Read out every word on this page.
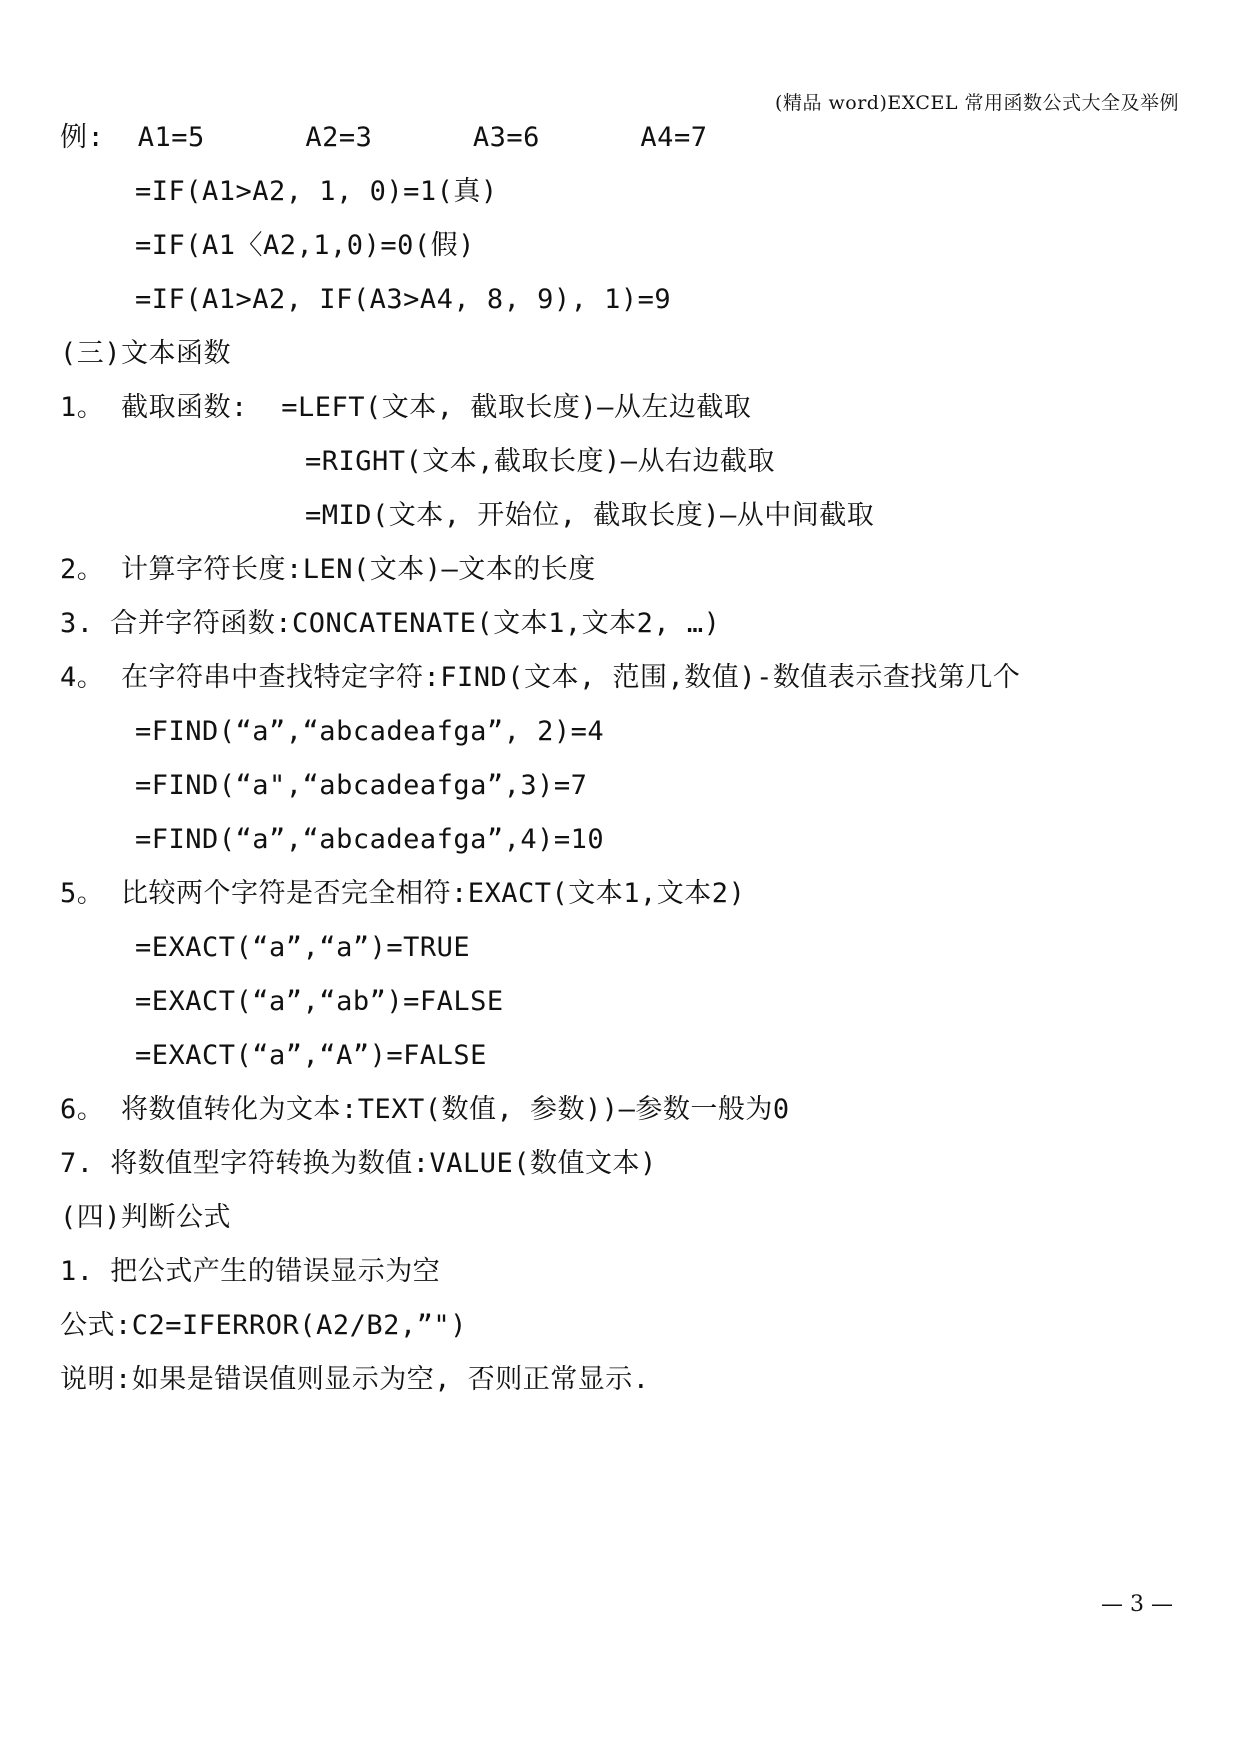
(精品 word)EXCEL 常用函数公式大全及举例
例:  A1=5      A2=3      A3=6      A4=7
=IF(A1>A2, 1, 0)=1(真)
=IF(A1〈A2,1,0)=0(假)
=IF(A1>A2, IF(A3>A4, 8, 9), 1)=9
(三)文本函数
1。 截取函数:  =LEFT(文本, 截取长度)—从左边截取
=RIGHT(文本,截取长度)—从右边截取
=MID(文本, 开始位, 截取长度)—从中间截取
2。 计算字符长度:LEN(文本)—文本的长度
3. 合并字符函数:CONCATENATE(文本1,文本2, …)
4。 在字符串中查找特定字符:FIND(文本, 范围,数值)-数值表示查找第几个
=FIND(“a”,“abcadeafga”, 2)=4
=FIND(“a",“abcadeafga”,3)=7
=FIND(“a”,“abcadeafga”,4)=10
5。 比较两个字符是否完全相符:EXACT(文本1,文本2)
=EXACT(“a”,“a”)=TRUE
=EXACT(“a”,“ab”)=FALSE
=EXACT(“a”,“A”)=FALSE
6。 将数值转化为文本:TEXT(数值, 参数))—参数一般为0
7. 将数值型字符转换为数值:VALUE(数值文本)
(四)判断公式
1. 把公式产生的错误显示为空
公式:C2=IFERROR(A2/B2,”")
说明:如果是错误值则显示为空, 否则正常显示.
— 3 —
